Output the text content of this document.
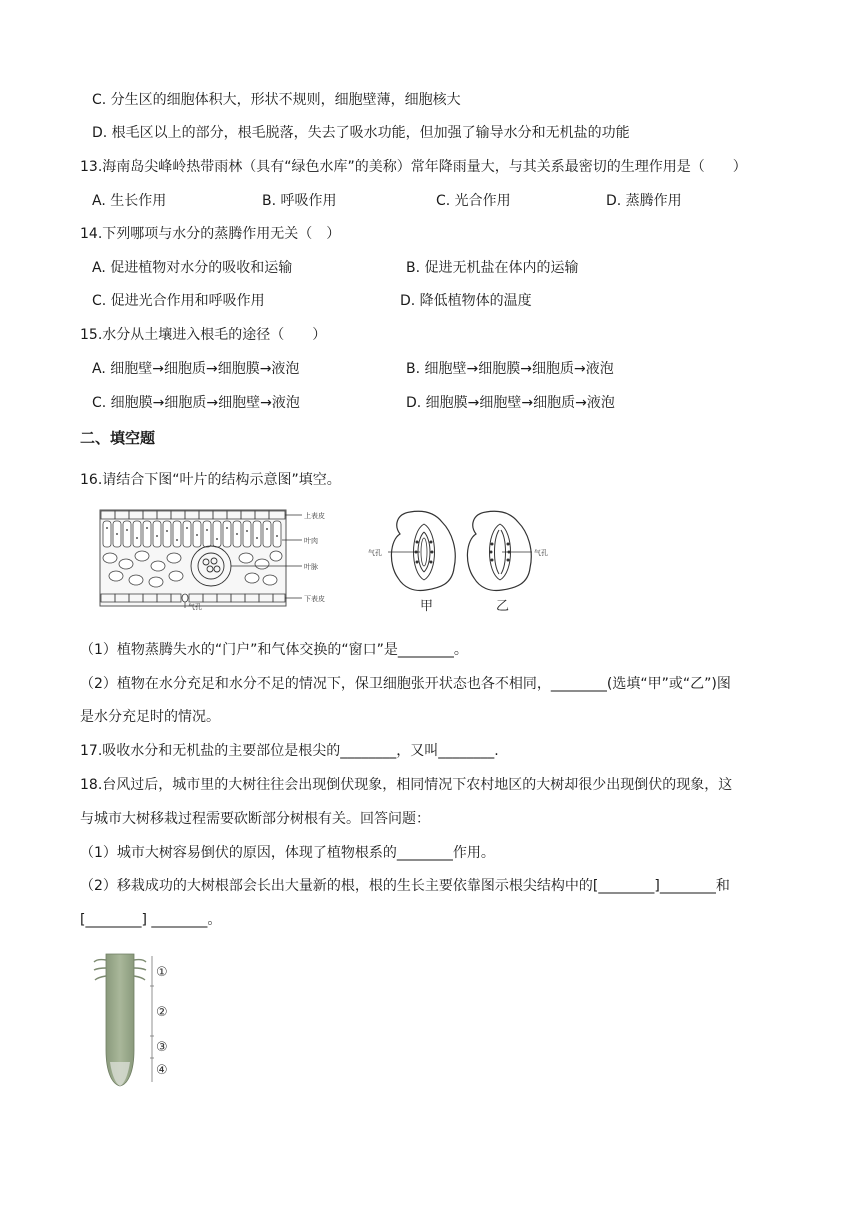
C. 分生区的细胞体积大，形状不规则，细胞壁薄，细胞核大
D. 根毛区以上的部分，根毛脱落，失去了吸水功能，但加强了输导水分和无机盐的功能
13.海南岛尖峰岭热带雨林（具有“绿色水库”的美称）常年降雨量大，与其关系最密切的生理作用是（　　）
A. 生长作用	B. 呼吸作用	C. 光合作用	D. 蒸腾作用
14.下列哪项与水分的蒸腾作用无关（　）
A. 促进植物对水分的吸收和运输	B. 促进无机盐在体内的运输
C. 促进光合作用和呼吸作用	D. 降低植物体的温度
15.水分从土壤进入根毛的途径（　　）
A. 细胞壁→细胞质→细胞膜→液泡	B. 细胞壁→细胞膜→细胞质→液泡
C. 细胞膜→细胞质→细胞壁→液泡	D. 细胞膜→细胞壁→细胞质→液泡
二、填空题
16.请结合下图“叶片的结构示意图”填空。
上表皮
叶肉
叶脉
下表皮
气孔
气孔	气孔
甲	乙
（1）植物蒸腾失水的“门户”和气体交换的“窗口”是________。
（2）植物在水分充足和水分不足的情况下，保卫细胞张开状态也各不相同，________(选填“甲”或“乙”)图
是水分充足时的情况。
17.吸收水分和无机盐的主要部位是根尖的________，又叫________.
18.台风过后，城市里的大树往往会出现倒伏现象，相同情况下农村地区的大树却很少出现倒伏的现象，这
与城市大树移栽过程需要砍断部分树根有关。回答问题：
（1）城市大树容易倒伏的原因，体现了植物根系的________作用。
（2）移栽成功的大树根部会长出大量新的根，根的生长主要依靠图示根尖结构中的[________]________和
[________] ________。
①
②
③
④
